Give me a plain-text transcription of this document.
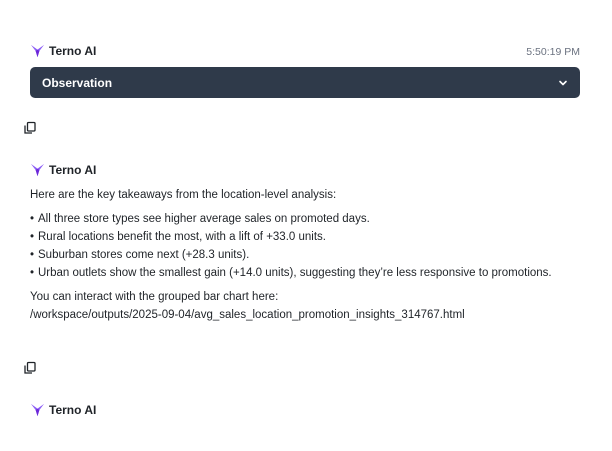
Terno AI	5:50:19 PM
Observation
Terno AI

Here are the key takeaways from the location-level analysis:

• All three store types see higher average sales on promoted days.
• Rural locations benefit the most, with a lift of +33.0 units.
• Suburban stores come next (+28.3 units).
• Urban outlets show the smallest gain (+14.0 units), suggesting they’re less responsive to promotions.
You can interact with the grouped bar chart here:
/workspace/outputs/2025-09-04/avg_sales_location_promotion_insights_314767.html
Terno AI
